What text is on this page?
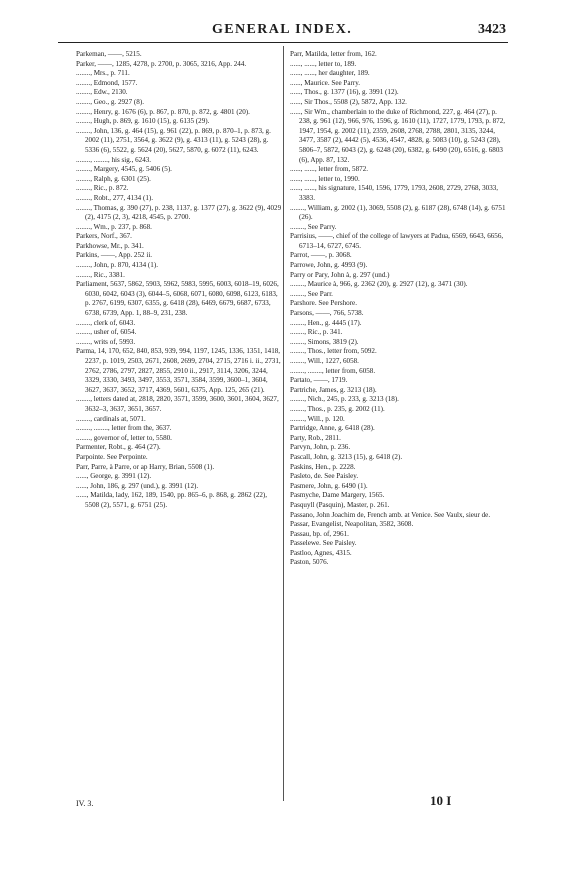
GENERAL INDEX.	3423
Parkeman, ——, 5215.
Parker, ——, 1285, 4278, p. 2700, p. 3065, 3216, App. 244.
........, Mrs., p. 711.
........, Edmond, 1577.
........, Edw., 2130.
........, Geo., g. 2927 (8).
........, Henry, g. 1676 (6), p. 867, p. 870, p. 872, g. 4801 (20).
........, Hugh, p. 869, g. 1610 (15), g. 6135 (29).
........, John, 136, g. 464 (15), g. 961 (22), p. 869, p. 870–1, p. 873, g. 2002 (11), 2751, 3564, g. 3622 (9), g. 4313 (11), g. 5243 (28), g. 5336 (6), 5522, g. 5624 (20), 5627, 5870, g. 6072 (11), 6243.
........, ........, his sig., 6243.
........, Margery, 4545, g. 5406 (5).
........, Ralph, g. 6301 (25).
........, Ric., p. 872.
........, Robt., 277, 4134 (1).
........, Thomas, g. 390 (27), p. 238, 1137, g. 1377 (27), g. 3622 (9), 4029 (2), 4175 (2, 3), 4218, 4545, p. 2700.
........, Wm., p. 237, p. 868.
Parkers, Norf., 367.
Parkhowse, Mr., p. 341.
Parkins, ——, App. 252 ii.
........, John, p. 870, 4134 (1).
........, Ric., 3381.
Parliament, 5637, 5862, 5903, 5962, 5983, 5995, 6003, 6018–19, 6026, 6030, 6042, 6043 (3), 6044–5, 6068, 6071, 6080, 6098, 6123, 6183, p. 2767, 6199, 6307, 6355, g. 6418 (28), 6469, 6679, 6687, 6733, 6738, 6739, App. 1, 88–9, 231, 238.
........, clerk of, 6043.
........, usher of, 6054.
........, writs of, 5993.
Parma, 14, 170, 652, 840, 853, 939, 994, 1197, 1245, 1336, 1351, 1418, 2237, p. 1019, 2503, 2671, 2608, 2699, 2704, 2715, 2716 i. ii., 2731, 2762, 2786, 2797, 2827, 2855, 2910 ii., 2917, 3114, 3206, 3244, 3329, 3330, 3493, 3497, 3553, 3571, 3584, 3599, 3600–1, 3604, 3627, 3637, 3652, 3717, 4369, 5601, 6375, App. 125, 265 (21).
........, letters dated at, 2818, 2820, 3571, 3599, 3600, 3601, 3604, 3627, 3632–3, 3637, 3651, 3657.
........, cardinals at, 5071.
........, ........, letter from the, 3637.
........, governor of, letter to, 5580.
Parmenter, Robt., g. 464 (27).
Parpointe. See Perpointe.
Parr, Parre, à Parre, or ap Harry, Brian, 5508 (1).
......, George, g. 3991 (12).
......, John, 186, g. 297 (und.), g. 3991 (12).
......, Matilda, lady, 162, 189, 1540, pp. 865–6, p. 868, g. 2862 (22), 5508 (2), 5571, g. 6751 (25).
Parr, Matilda, letter from, 162.
......, ......, letter to, 189.
......, ......, her daughter, 189.
......, Maurice. See Parry.
......, Thos., g. 1377 (16), g. 3991 (12).
......, Sir Thos., 5508 (2), 5872, App. 132.
......, Sir Wm., chamberlain to the duke of Richmond, 227, g. 464 (27), p. 238, g. 961 (12), 966, 976, 1596, g. 1610 (11), 1727, 1779, 1793, p. 872, 1947, 1954, g. 2002 (11), 2359, 2608, 2768, 2788, 2801, 3135, 3244, 3477, 3587 (2), 4442 (5), 4536, 4547, 4828, g. 5083 (10), g. 5243 (28), 5806–7, 5872, 6043 (2), g. 6248 (20), 6382, g. 6490 (20), 6516, g. 6803 (6), App. 87, 132.
......, ......, letter from, 5872.
......, ......, letter to, 1990.
......, ......, his signature, 1540, 1596, 1779, 1793, 2608, 2729, 2768, 3033, 3383.
........, William, g. 2002 (1), 3069, 5508 (2), g. 6187 (28), 6748 (14), g. 6751 (26).
........, See Parry.
Parrisius, ——, chief of the college of lawyers at Padua, 6569, 6643, 6656, 6713–14, 6727, 6745.
Parrot, ——, p. 3068.
Parrowe, John, g. 4993 (9).
Parry or Pary, John à, g. 297 (und.)
........, Maurice à, 966, g. 2362 (20), g. 2927 (12), g. 3471 (30).
........, See Parr.
Parshore. See Pershore.
Parsons, ——, 766, 5738.
........, Hen., g. 4445 (17).
........, Ric., p. 341.
........, Simons, 3819 (2).
........, Thos., letter from, 5092.
........, Will., 1227, 6058.
........, ........, letter from, 6058.
Partato, ——, 1719.
Partriche, James, g. 3213 (18).
........, Nich., 245, p. 233, g. 3213 (18).
........, Thos., p. 235, g. 2002 (11).
........, Will., p. 120.
Partridge, Anne, g. 6418 (28).
Party, Rob., 2811.
Parvyn, John, p. 236.
Pascall, John, g. 3213 (15), g. 6418 (2).
Paskins, Hen., p. 2228.
Pasleto, de. See Paisley.
Pasmere, John, g. 6490 (1).
Pasmyche, Dame Margery, 1565.
Pasquyll (Pasquin), Master, p. 261.
Passano, John Joachim de, French amb. at Venice. See Vaulx, sieur de.
Passar, Evangelist, Neapolitan, 3582, 3608.
Passau, bp. of, 2961.
Passelewe. See Paisley.
Pastloo, Agnes, 4315.
Paston, 5076.
IV. 3.	10 I
